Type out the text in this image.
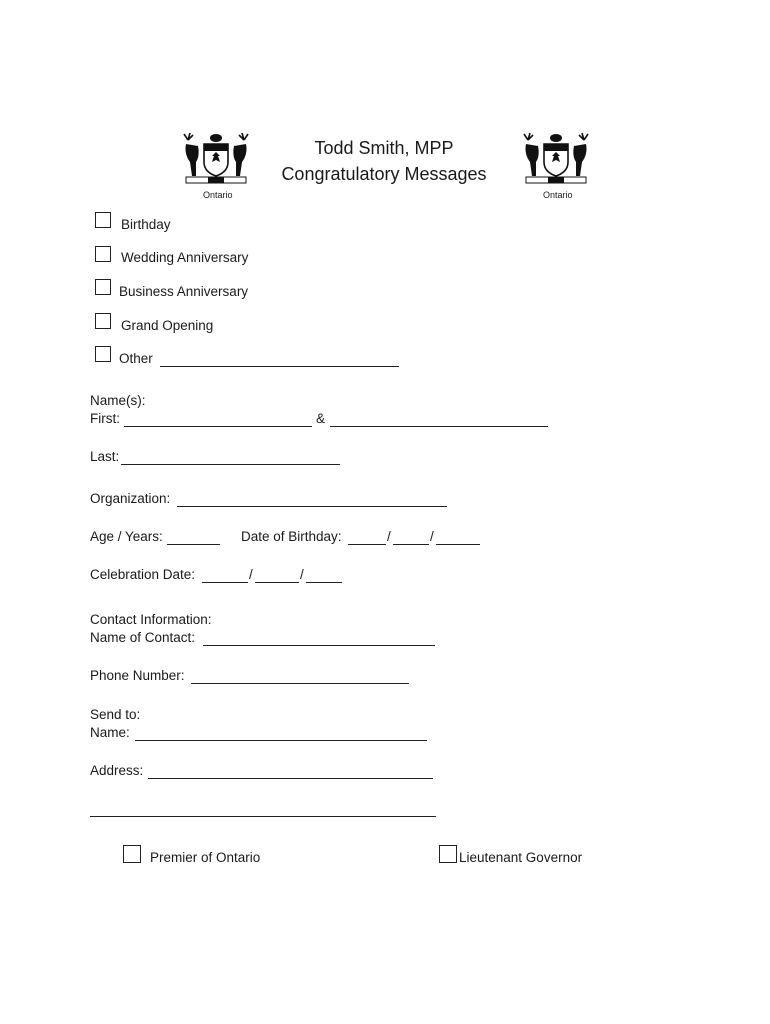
Ontario
Todd Smith, MPP
Congratulatory Messages
Ontario
Birthday
Wedding Anniversary
Business Anniversary
Grand Opening
Other
Name(s):
First:	&
Last:
Organization:
Age / Years:	Date of Birthday:	/	/
Celebration Date:	/	/
Contact Information:
Name of Contact:
Phone Number:
Send to:
Name:
Address:
Premier of Ontario	Lieutenant Governor
